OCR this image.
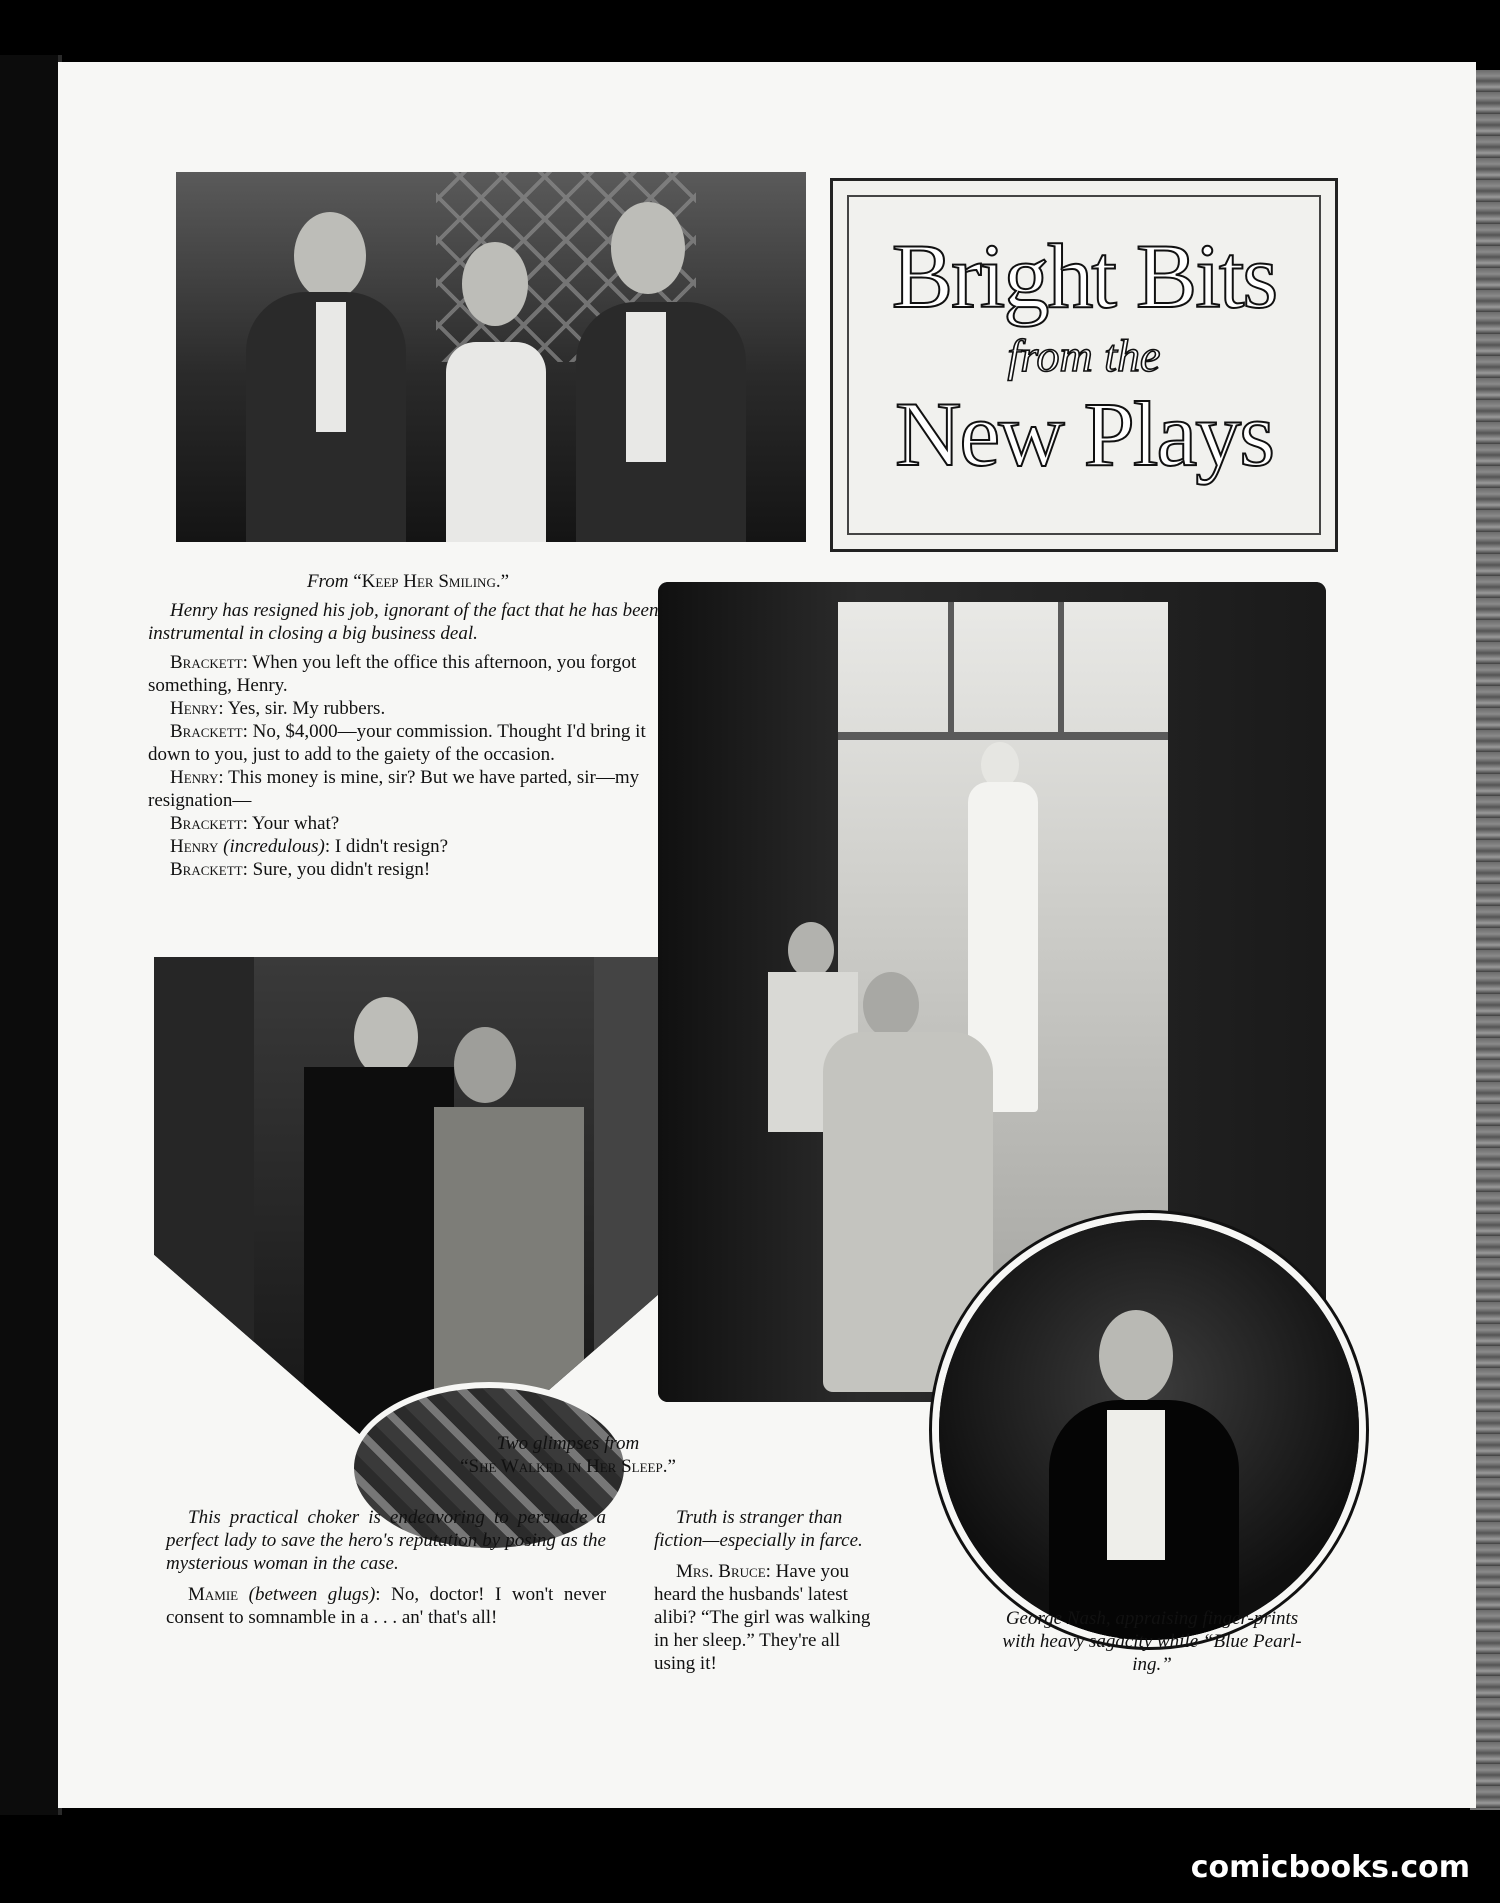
Bright Bits
from the
New Plays
From “Keep Her Smiling.”
Henry has resigned his job, ignorant of the fact that he has been instrumental in closing a big business deal.
Brackett: When you left the office this afternoon, you forgot something, Henry.
Henry: Yes, sir. My rubbers.
Brackett: No, $4,000—your commission. Thought I'd bring it down to you, just to add to the gaiety of the occasion.
Henry: This money is mine, sir? But we have parted, sir—my resignation—
Brackett: Your what?
Henry (incredulous): I didn't resign?
Brackett: Sure, you didn't resign!
Two glimpses from
“She Walked in Her Sleep.”
This practical choker is endeavoring to persuade a perfect lady to save the hero's reputation by posing as the mysterious woman in the case.
Mamie (between glugs): No, doctor! I won't never consent to somnamble in a . . . an' that's all!
Truth is stranger than fiction—especially in farce.
Mrs. Bruce: Have you heard the husbands' latest alibi? “The girl was walking in her sleep.” They're all using it!
George Nash, appraising finger-prints with heavy sagacity while “Blue Pearl-ing.”
comicbooks.com
